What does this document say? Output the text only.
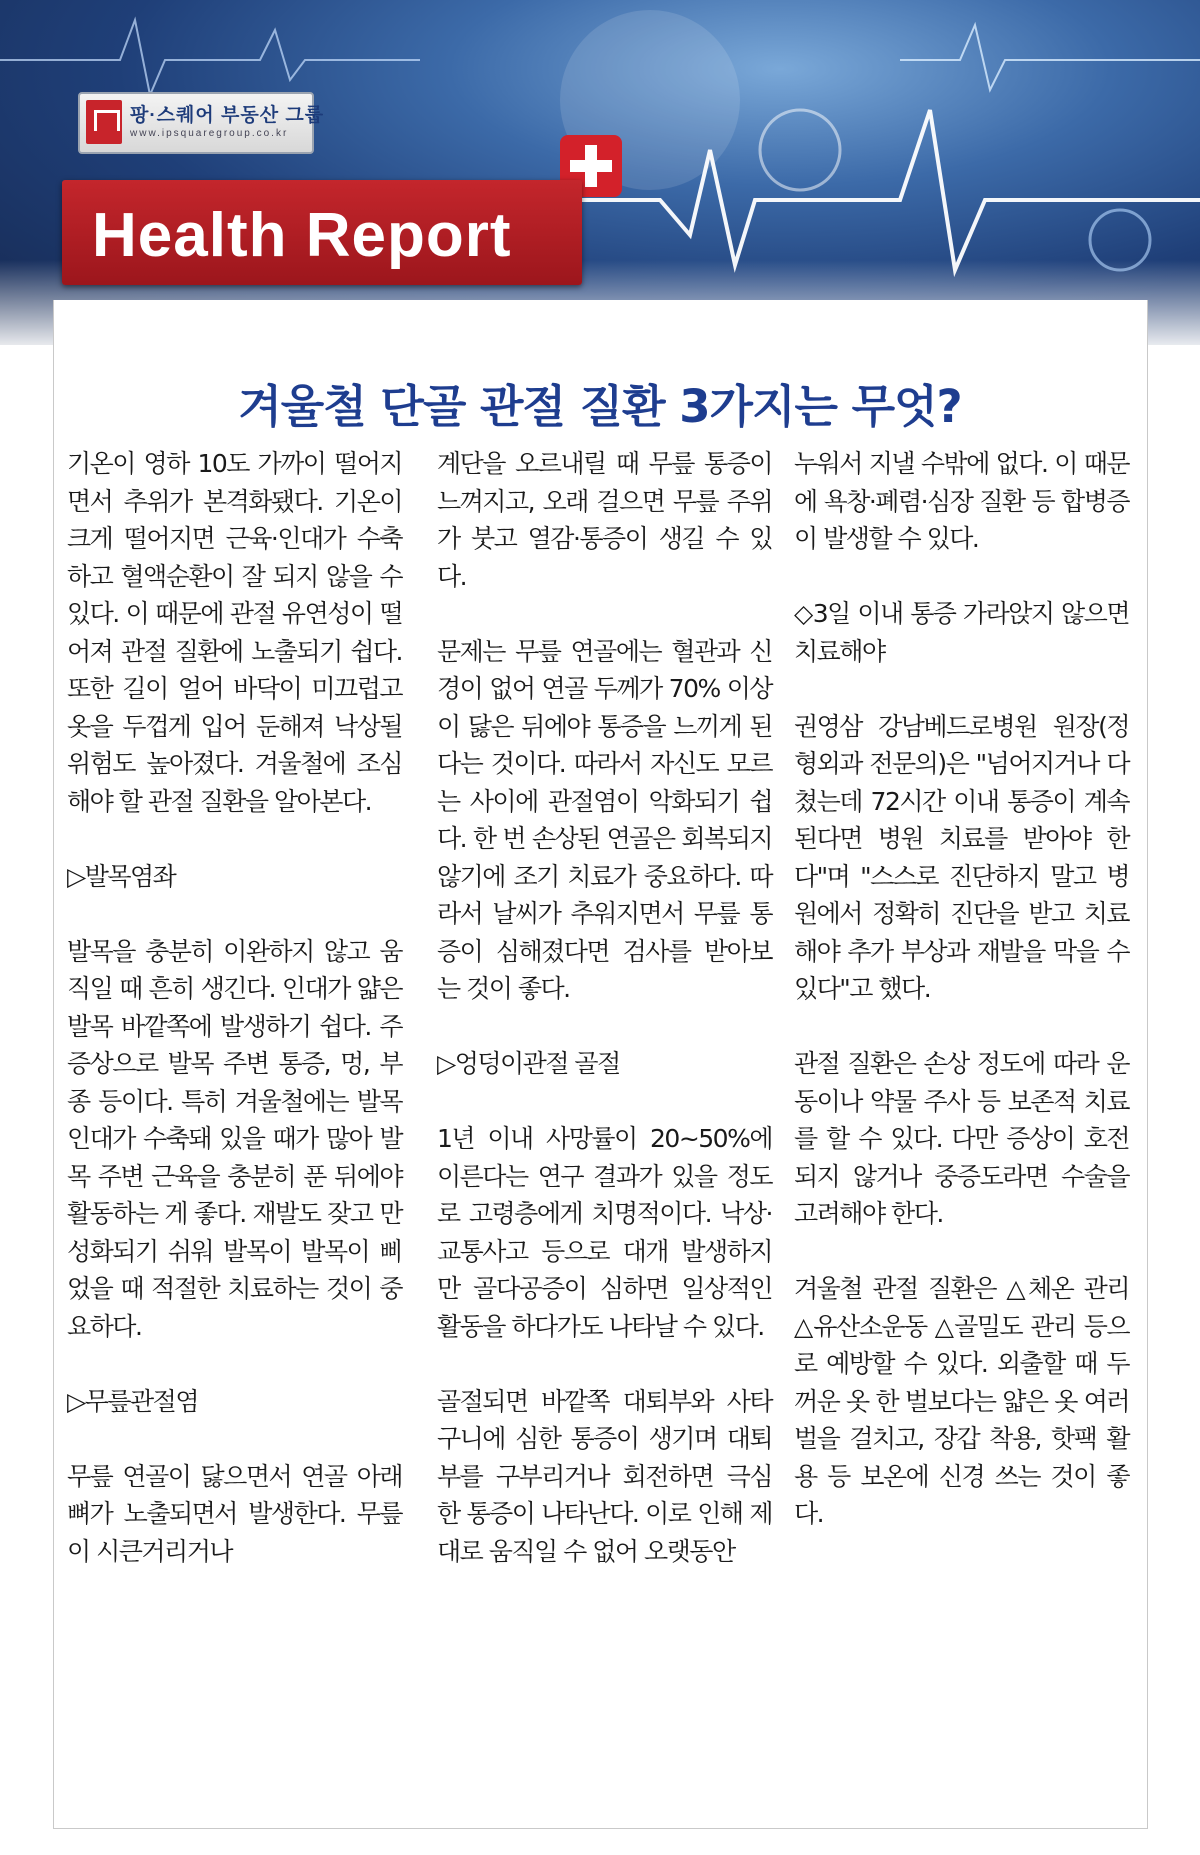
팡·스퀘어 부동산 그룹
www.ipsquaregroup.co.kr
Health Report
겨울철 단골 관절 질환 3가지는 무엇?

기온이 영하 10도 가까이 떨어지면서 추위가 본격화됐다. 기온이 크게 떨어지면 근육·인대가 수축하고 혈액순환이 잘 되지 않을 수 있다. 이 때문에 관절 유연성이 떨어져 관절 질환에 노출되기 쉽다. 또한 길이 얼어 바닥이 미끄럽고 옷을 두껍게 입어 둔해져 낙상될 위험도 높아졌다. 겨울철에 조심해야 할 관절 질환을 알아본다.

▷발목염좌

발목을 충분히 이완하지 않고 움직일 때 흔히 생긴다. 인대가 얇은 발목 바깥쪽에 발생하기 쉽다. 주증상으로 발목 주변 통증, 멍, 부종 등이다. 특히 겨울철에는 발목 인대가 수축돼 있을 때가 많아 발목 주변 근육을 충분히 푼 뒤에야 활동하는 게 좋다. 재발도 잦고 만성화되기 쉬워 발목이 발목이 삐었을 때 적절한 치료하는 것이 중요하다.

▷무릎관절염

무릎 연골이 닳으면서 연골 아래 뼈가 노출되면서 발생한다. 무릎이 시큰거리거나

계단을 오르내릴 때 무릎 통증이 느껴지고, 오래 걸으면 무릎 주위가 붓고 열감·통증이 생길 수 있다.

문제는 무릎 연골에는 혈관과 신경이 없어 연골 두께가 70% 이상이 닳은 뒤에야 통증을 느끼게 된다는 것이다. 따라서 자신도 모르는 사이에 관절염이 악화되기 쉽다. 한 번 손상된 연골은 회복되지 않기에 조기 치료가 중요하다. 따라서 날씨가 추워지면서 무릎 통증이 심해졌다면 검사를 받아보는 것이 좋다.

▷엉덩이관절 골절

1년 이내 사망률이 20~50%에 이른다는 연구 결과가 있을 정도로 고령층에게 치명적이다. 낙상·교통사고 등으로 대개 발생하지만 골다공증이 심하면 일상적인 활동을 하다가도 나타날 수 있다.

골절되면 바깥쪽 대퇴부와 사타구니에 심한 통증이 생기며 대퇴부를 구부리거나 회전하면 극심한 통증이 나타난다. 이로 인해 제대로 움직일 수 없어 오랫동안

누워서 지낼 수밖에 없다. 이 때문에 욕창·폐렴·심장 질환 등 합병증이 발생할 수 있다.

◇3일 이내 통증 가라앉지 않으면 치료해야

권영삼 강남베드로병원 원장(정형외과 전문의)은 "넘어지거나 다쳤는데 72시간 이내 통증이 계속된다면 병원 치료를 받아야 한다"며 "스스로 진단하지 말고 병원에서 정확히 진단을 받고 치료해야 추가 부상과 재발을 막을 수 있다"고 했다.

관절 질환은 손상 정도에 따라 운동이나 약물 주사 등 보존적 치료를 할 수 있다. 다만 증상이 호전되지 않거나 중증도라면 수술을 고려해야 한다.

겨울철 관절 질환은 △체온 관리 △유산소운동 △골밀도 관리 등으로 예방할 수 있다. 외출할 때 두꺼운 옷 한 벌보다는 얇은 옷 여러 벌을 걸치고, 장갑 착용, 핫팩 활용 등 보온에 신경 쓰는 것이 좋다.
